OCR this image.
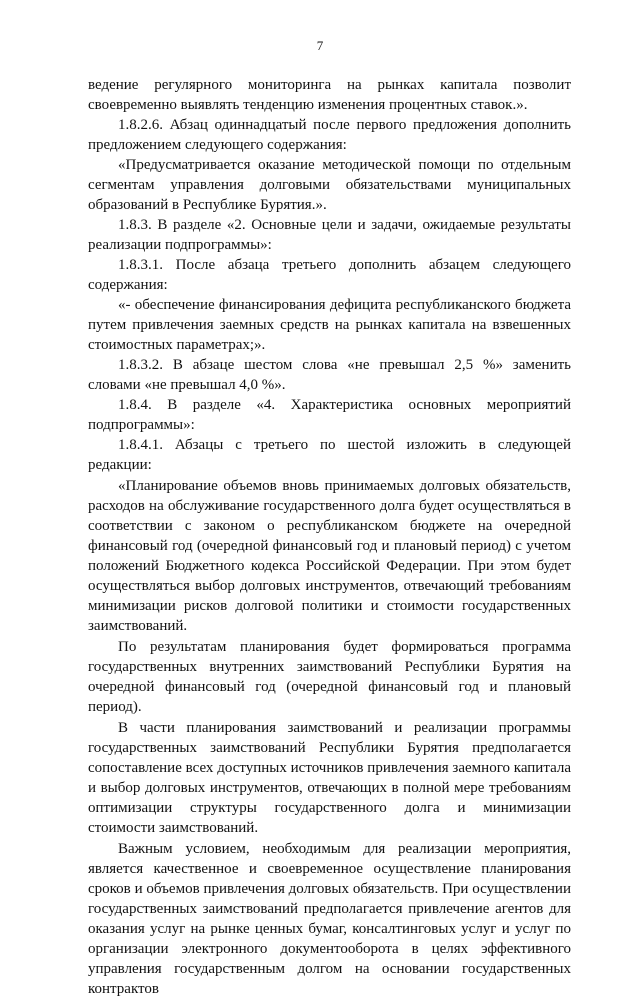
7

ведение регулярного мониторинга на рынках капитала позволит своевременно выявлять тенденцию изменения процентных ставок.».

1.8.2.6. Абзац одиннадцатый после первого предложения дополнить предложением следующего содержания:

«Предусматривается оказание методической помощи по отдельным сегментам управления долговыми обязательствами муниципальных образований в Республике Бурятия.».

1.8.3. В разделе «2. Основные цели и задачи, ожидаемые результаты реализации подпрограммы»:

1.8.3.1. После абзаца третьего дополнить абзацем следующего содержания:

«- обеспечение финансирования дефицита республиканского бюджета путем привлечения заемных средств на рынках капитала на взвешенных стоимостных параметрах;».

1.8.3.2. В абзаце шестом слова «не превышал 2,5 %» заменить словами «не превышал 4,0 %».

1.8.4. В разделе «4. Характеристика основных мероприятий подпрограммы»:

1.8.4.1. Абзацы с третьего по шестой изложить в следующей редакции:

«Планирование объемов вновь принимаемых долговых обязательств, расходов на обслуживание государственного долга будет осуществляться в соответствии с законом о республиканском бюджете на очередной финансовый год (очередной финансовый год и плановый период) с учетом положений Бюджетного кодекса Российской Федерации. При этом будет осуществляться выбор долговых инструментов, отвечающий требованиям минимизации рисков долговой политики и стоимости государственных заимствований.

По результатам планирования будет формироваться программа государственных внутренних заимствований Республики Бурятия на очередной финансовый год (очередной финансовый год и плановый период).

В части планирования заимствований и реализации программы государственных заимствований Республики Бурятия предполагается сопоставление всех доступных источников привлечения заемного капитала и выбор долговых инструментов, отвечающих в полной мере требованиям оптимизации структуры государственного долга и минимизации стоимости заимствований.

Важным условием, необходимым для реализации мероприятия, является качественное и своевременное осуществление планирования сроков и объемов привлечения долговых обязательств. При осуществлении государственных заимствований предполагается привлечение агентов для оказания услуг на рынке ценных бумаг, консалтинговых услуг и услуг по организации электронного документооборота в целях эффективного управления государственным долгом на основании государственных контрактов
